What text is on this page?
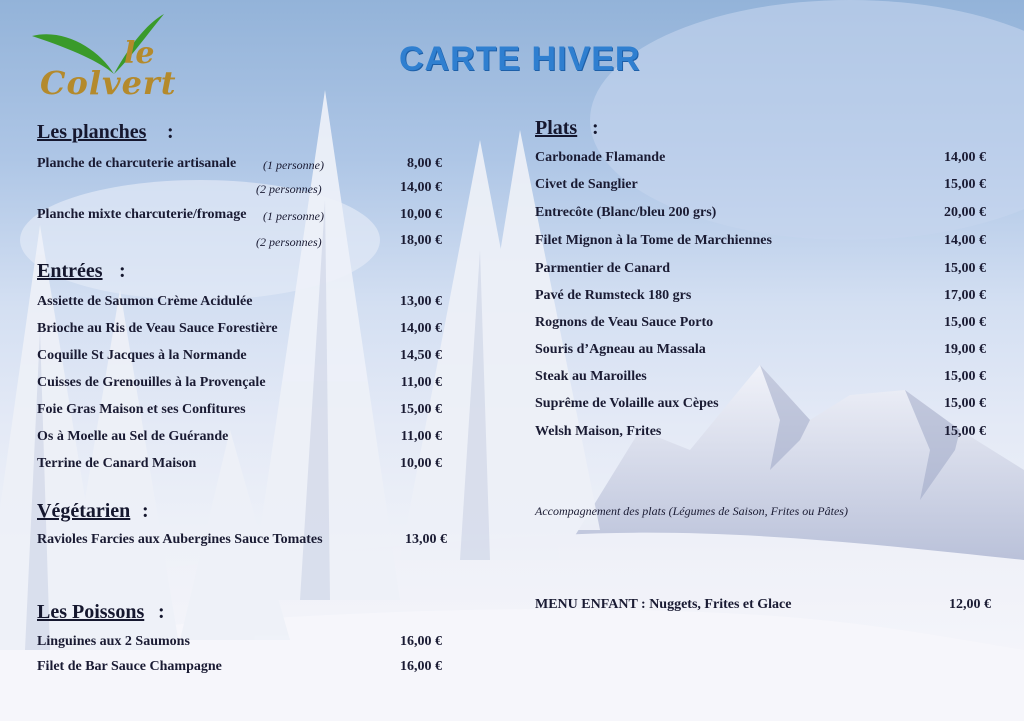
le
Colvert
CARTE HIVER
Les planches :
Planche de charcuterie artisanale (1 personne)	8,00 €
(2 personnes)	14,00 €
Planche mixte charcuterie/fromage (1 personne)	10,00 €
(2 personnes)	18,00 €
Entrées :
Assiette de Saumon Crème Acidulée	13,00 €
Brioche au Ris de Veau Sauce Forestière	14,00 €
Coquille St Jacques à la Normande	14,50 €
Cuisses de Grenouilles à la Provençale	11,00 €
Foie Gras Maison et ses Confitures	15,00 €
Os à Moelle au Sel de Guérande	11,00 €
Terrine de Canard Maison	10,00 €
Végétarien :
Ravioles Farcies aux Aubergines Sauce Tomates	13,00 €
Les Poissons :
Linguines aux 2 Saumons	16,00 €
Filet de Bar Sauce Champagne	16,00 €
Plats :
Carbonade Flamande	14,00 €
Civet de Sanglier	15,00 €
Entrecôte (Blanc/bleu 200 grs)	20,00 €
Filet Mignon à la Tome de Marchiennes	14,00 €
Parmentier de Canard	15,00 €
Pavé de Rumsteck 180 grs	17,00 €
Rognons de Veau Sauce Porto	15,00 €
Souris d’Agneau au Massala	19,00 €
Steak au Maroilles	15,00 €
Suprême de Volaille aux Cèpes	15,00 €
Welsh Maison, Frites	15,00 €
Accompagnement des plats (Légumes de Saison, Frites ou Pâtes)
MENU ENFANT : Nuggets, Frites et Glace	12,00 €
